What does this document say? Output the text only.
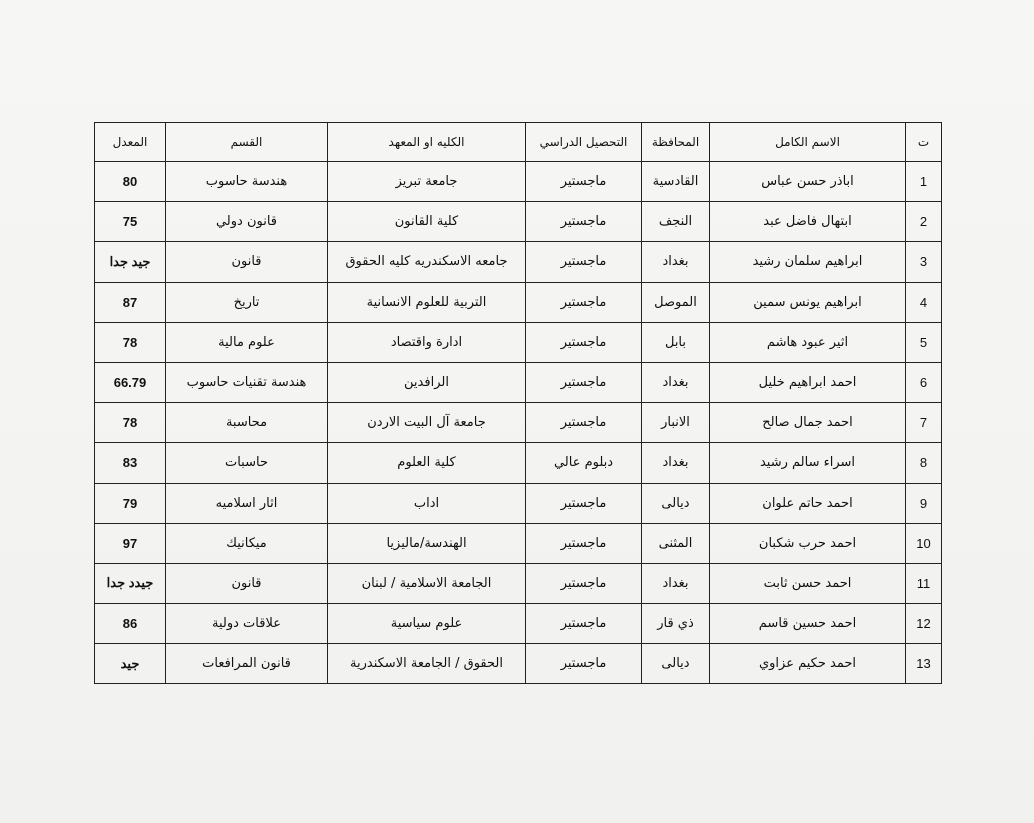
ت	الاسم الكامل	المحافظة	التحصيل الدراسي	الكليه او المعهد	القسم	المعدل
1	اباذر حسن عباس	القادسية	ماجستير	جامعة تبريز	هندسة حاسوب	80
2	ابتهال فاضل عبد	النجف	ماجستير	كلية القانون	قانون دولي	75
3	ابراهيم سلمان رشيد	بغداد	ماجستير	جامعه الاسكندريه كليه الحقوق	قانون	جيد جدا
4	ابراهيم يونس سمين	الموصل	ماجستير	التربية للعلوم الانسانية	تاريخ	87
5	اثير عبود هاشم	بابل	ماجستير	ادارة واقتصاد	علوم مالية	78
6	احمد ابراهيم خليل	بغداد	ماجستير	الرافدين	هندسة تقنيات حاسوب	66.79
7	احمد جمال صالح	الانبار	ماجستير	جامعة آل البيت الاردن	محاسبة	78
8	اسراء سالم رشيد	بغداد	دبلوم عالي	كلية العلوم	حاسبات	83
9	احمد حاتم علوان	ديالى	ماجستير	اداب	اثار اسلاميه	79
10	احمد حرب شكبان	المثنى	ماجستير	الهندسة/ماليزيا	ميكانيك	97
11	احمد حسن ثابت	بغداد	ماجستير	الجامعة الاسلامية / لبنان	قانون	جيدد جدا
12	احمد حسين قاسم	ذي قار	ماجستير	علوم سياسية	علاقات دولية	86
13	احمد حكيم عزاوي	ديالى	ماجستير	الحقوق / الجامعة الاسكندرية	قانون المرافعات	جيد
